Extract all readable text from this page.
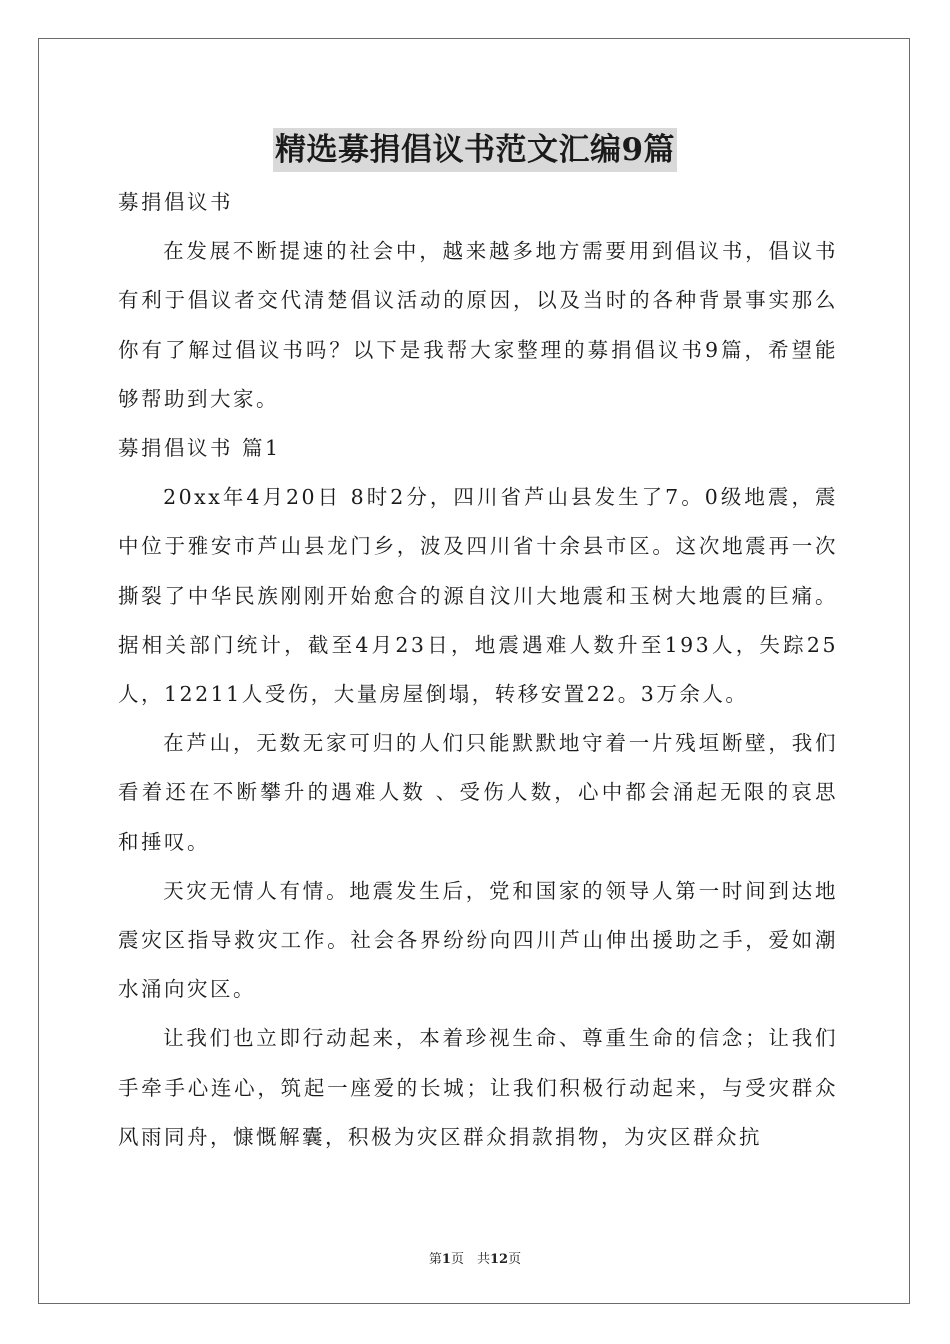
精选募捐倡议书范文汇编9篇

募捐倡议书

在发展不断提速的社会中，越来越多地方需要用到倡议书，倡议书有利于倡议者交代清楚倡议活动的原因，以及当时的各种背景事实那么你有了解过倡议书吗？以下是我帮大家整理的募捐倡议书9篇，希望能够帮助到大家。

募捐倡议书 篇1

20xx年4月20日 8时2分，四川省芦山县发生了7。0级地震，震中位于雅安市芦山县龙门乡，波及四川省十余县市区。这次地震再一次撕裂了中华民族刚刚开始愈合的源自汶川大地震和玉树大地震的巨痛。据相关部门统计，截至4月23日，地震遇难人数升至193人，失踪25人，12211人受伤，大量房屋倒塌，转移安置22。3万余人。

在芦山，无数无家可归的人们只能默默地守着一片残垣断壁，我们看着还在不断攀升的遇难人数 、受伤人数，心中都会涌起无限的哀思和捶叹。

天灾无情人有情。地震发生后，党和国家的领导人第一时间到达地震灾区指导救灾工作。社会各界纷纷向四川芦山伸出援助之手，爱如潮水涌向灾区。

让我们也立即行动起来，本着珍视生命、尊重生命的信念；让我们手牵手心连心，筑起一座爱的长城；让我们积极行动起来，与受灾群众风雨同舟，慷慨解囊，积极为灾区群众捐款捐物，为灾区群众抗

第1页　共12页
